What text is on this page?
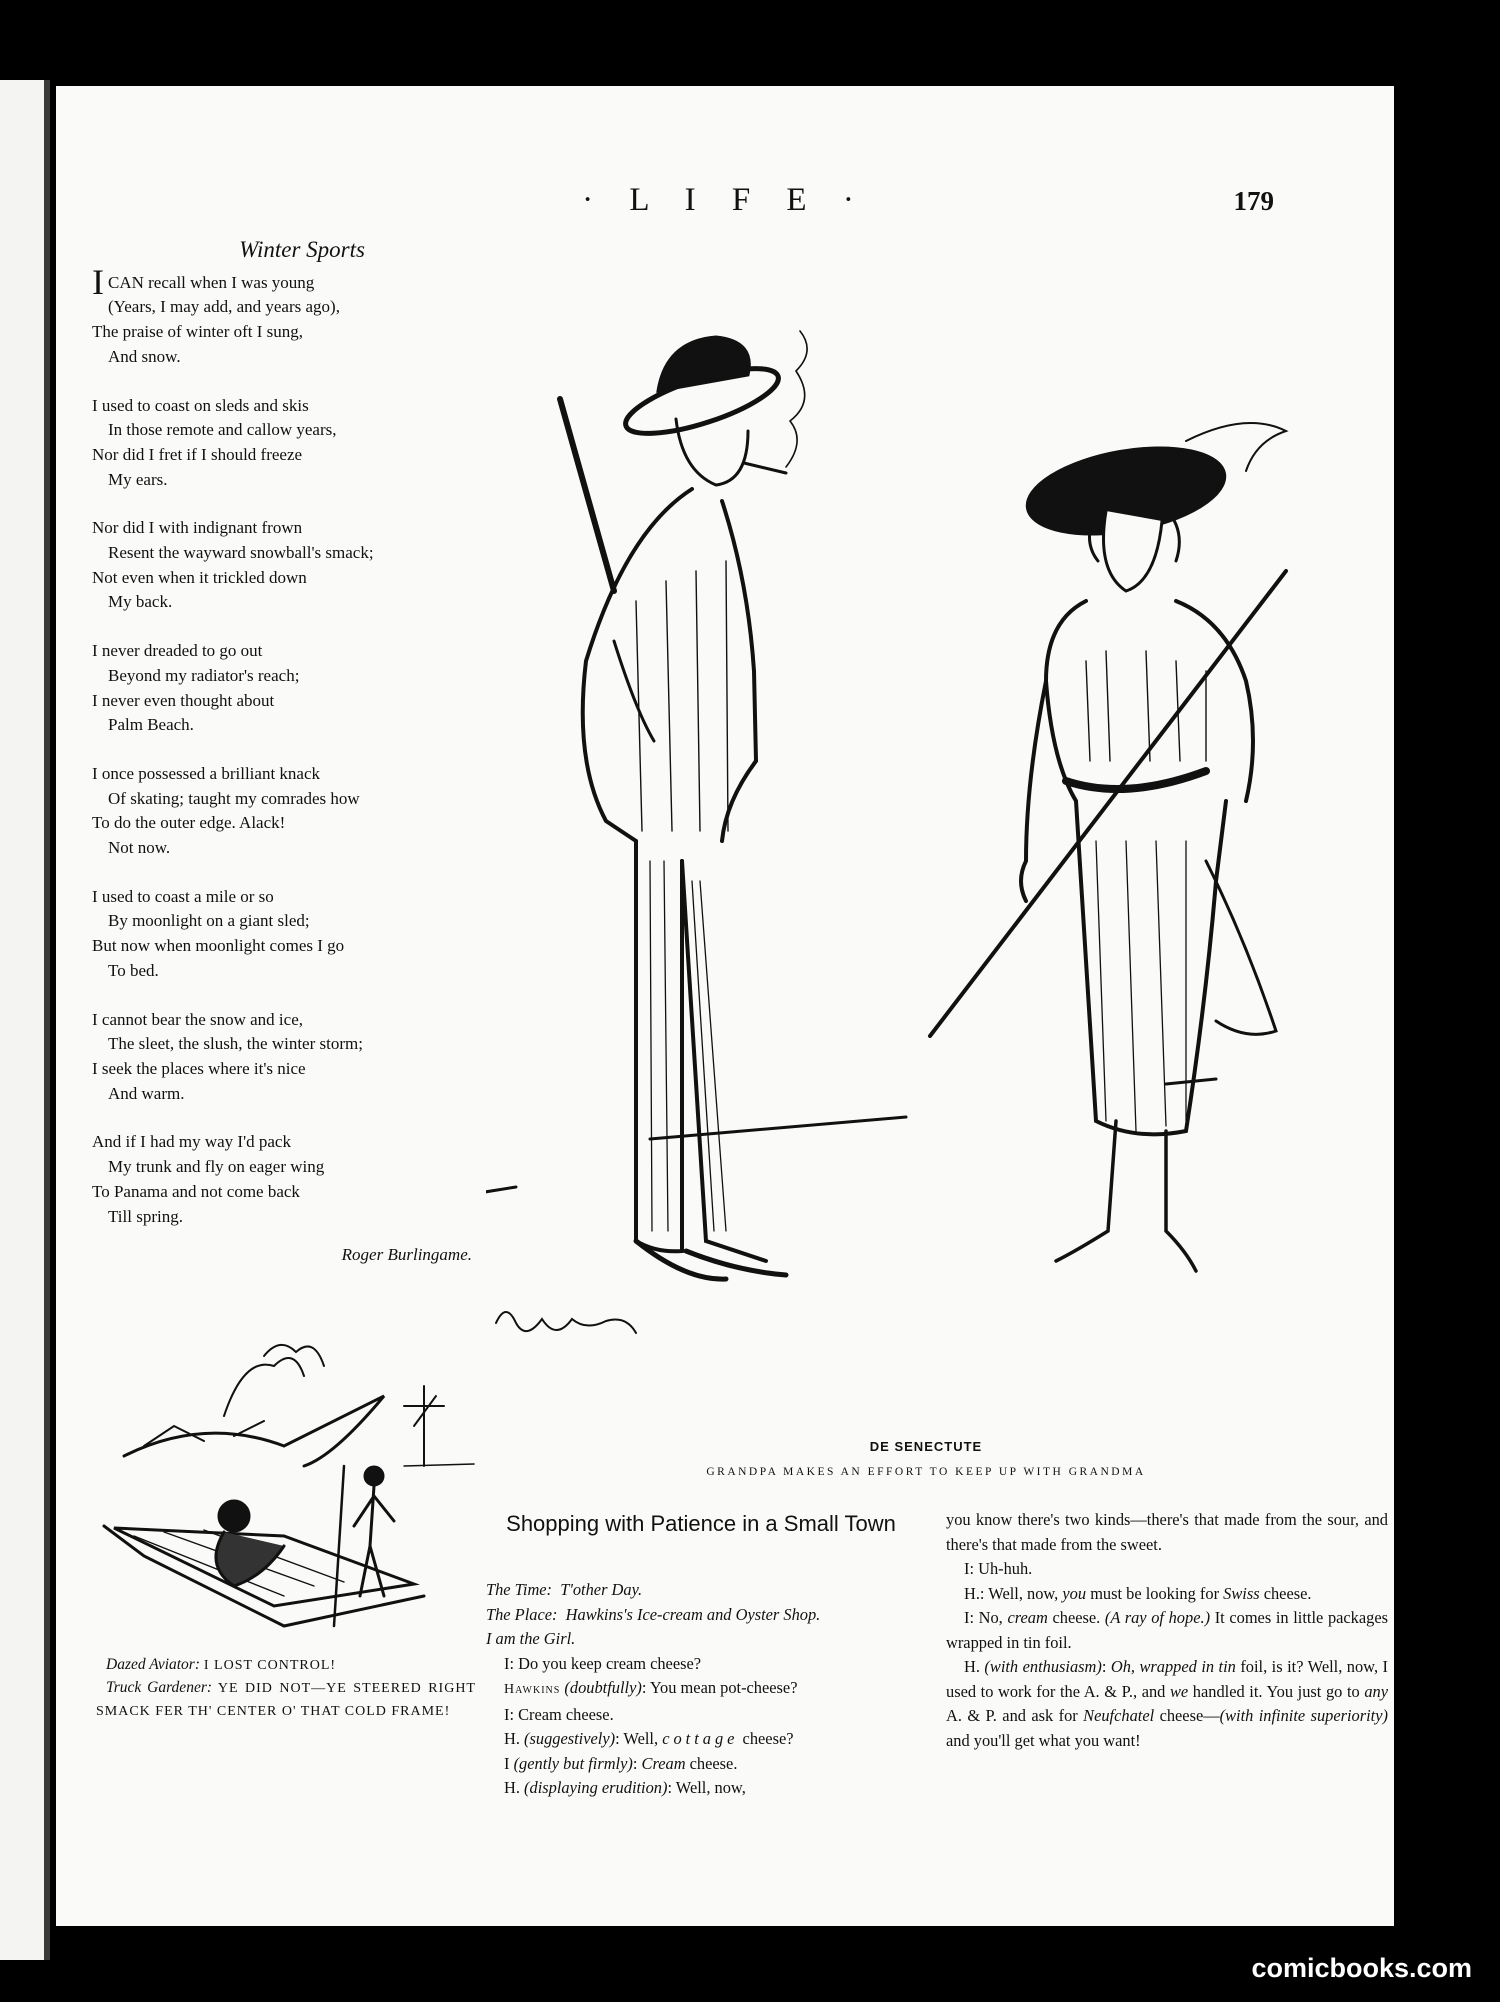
· L I F E ·	179
Winter Sports
ICAN recall when I was young
(Years, I may add, and years ago),
The praise of winter oft I sung,
And snow.
I used to coast on sleds and skis
In those remote and callow years,
Nor did I fret if I should freeze
My ears.
Nor did I with indignant frown
Resent the wayward snowball's smack;
Not even when it trickled down
My back.
I never dreaded to go out
Beyond my radiator's reach;
I never even thought about
Palm Beach.
I once possessed a brilliant knack
Of skating; taught my comrades how
To do the outer edge. Alack!
Not now.
I used to coast a mile or so
By moonlight on a giant sled;
But now when moonlight comes I go
To bed.
I cannot bear the snow and ice,
The sleet, the slush, the winter storm;
I seek the places where it's nice
And warm.
And if I had my way I'd pack
My trunk and fly on eager wing
To Panama and not come back
Till spring.
Roger Burlingame.
DE SENECTUTE
GRANDPA MAKES AN EFFORT TO KEEP UP WITH GRANDMA
Dazed Aviator: I LOST CONTROL!
Truck Gardener: YE DID NOT—YE STEERED RIGHT SMACK FER TH' CENTER O' THAT COLD FRAME!
Shopping with Patience in a Small Town
The Time: T'other Day.
The Place: Hawkins's Ice-cream and Oyster Shop.
I am the Girl.
I: Do you keep cream cheese?
Hawkins (doubtfully): You mean pot-cheese?
I: Cream cheese.
H. (suggestively): Well, cottage cheese?
I (gently but firmly): Cream cheese.
H. (displaying erudition): Well, now,
you know there's two kinds—there's that made from the sour, and there's that made from the sweet.
I: Uh-huh.
H.: Well, now, you must be looking for Swiss cheese.
I: No, cream cheese. (A ray of hope.) It comes in little packages wrapped in tin foil.
H. (with enthusiasm): Oh, wrapped in tin foil, is it? Well, now, I used to work for the A. & P., and we handled it. You just go to any A. & P. and ask for Neufchatel cheese—(with infinite superiority) and you'll get what you want!
comicbooks.com
